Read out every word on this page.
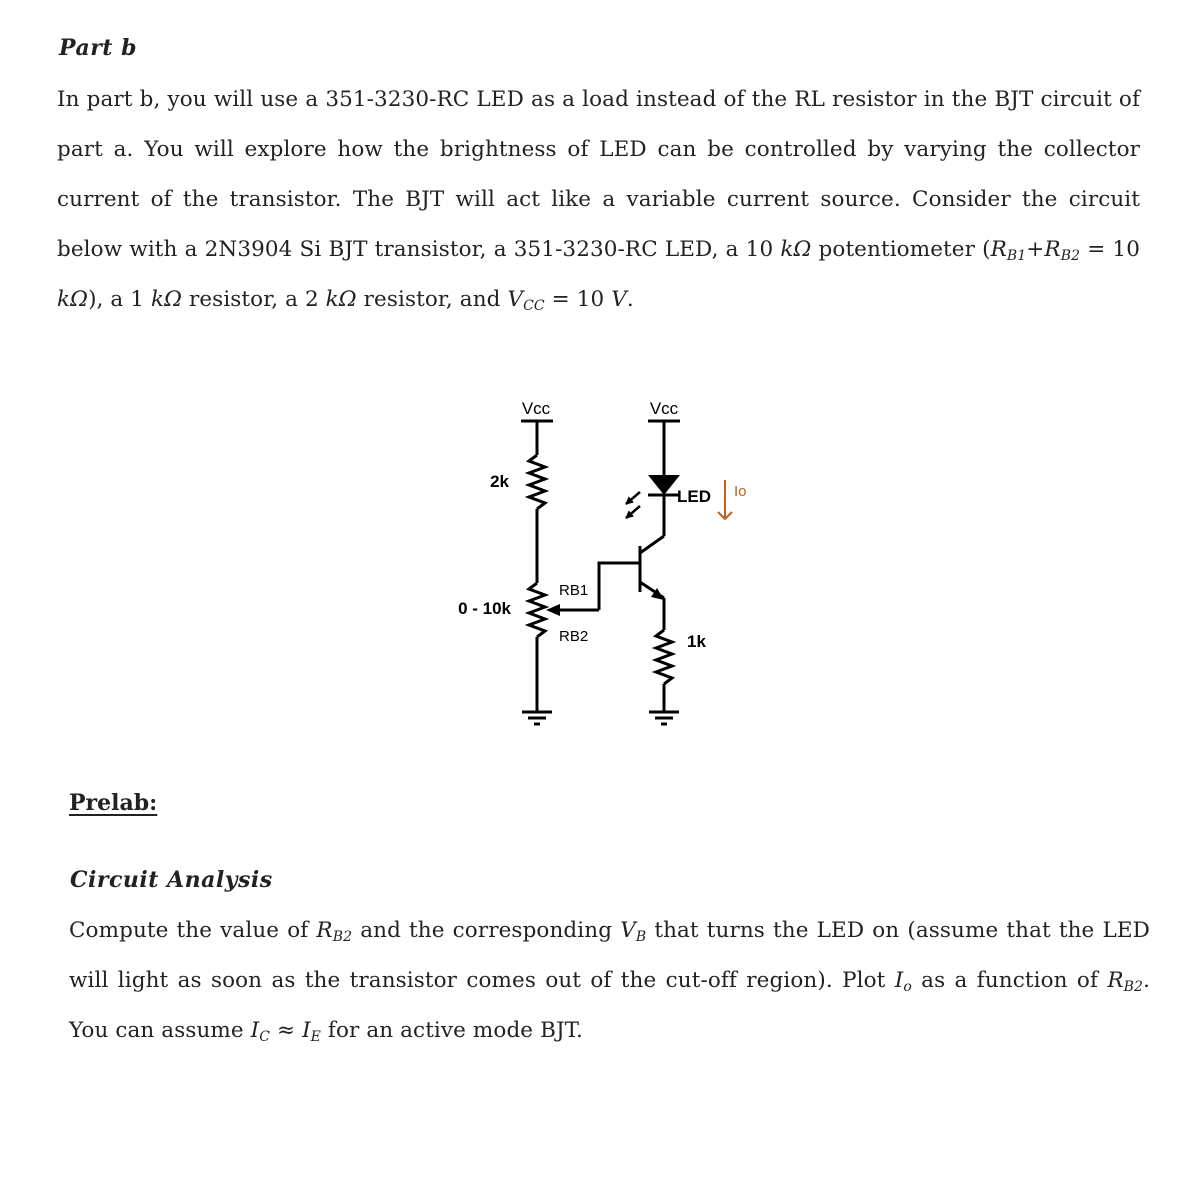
Part b
In part b, you will use a 351-3230-RC LED as a load instead of the RL resistor in the BJT circuit of part a. You will explore how the brightness of LED can be controlled by varying the collector current of the transistor. The BJT will act like a variable current source. Consider the circuit below with a 2N3904 Si BJT transistor, a 351-3230-RC LED, a 10 kΩ potentiometer ($R_{B1}+R_{B2} = 10$ kΩ), a 1 kΩ resistor, a 2 kΩ resistor, and $V_{CC} = 10$ V.
Vcc	Vcc
2k
0 - 10k
RB1
RB2
LED Io
1k
Prelab:
Circuit Analysis
Compute the value of $R_{B2}$ and the corresponding $V_B$ that turns the LED on (assume that the LED will light as soon as the transistor comes out of the cut-off region). Plot $I_o$ as a function of $R_{B2}$. You can assume $I_C \approx I_E$ for an active mode BJT.
